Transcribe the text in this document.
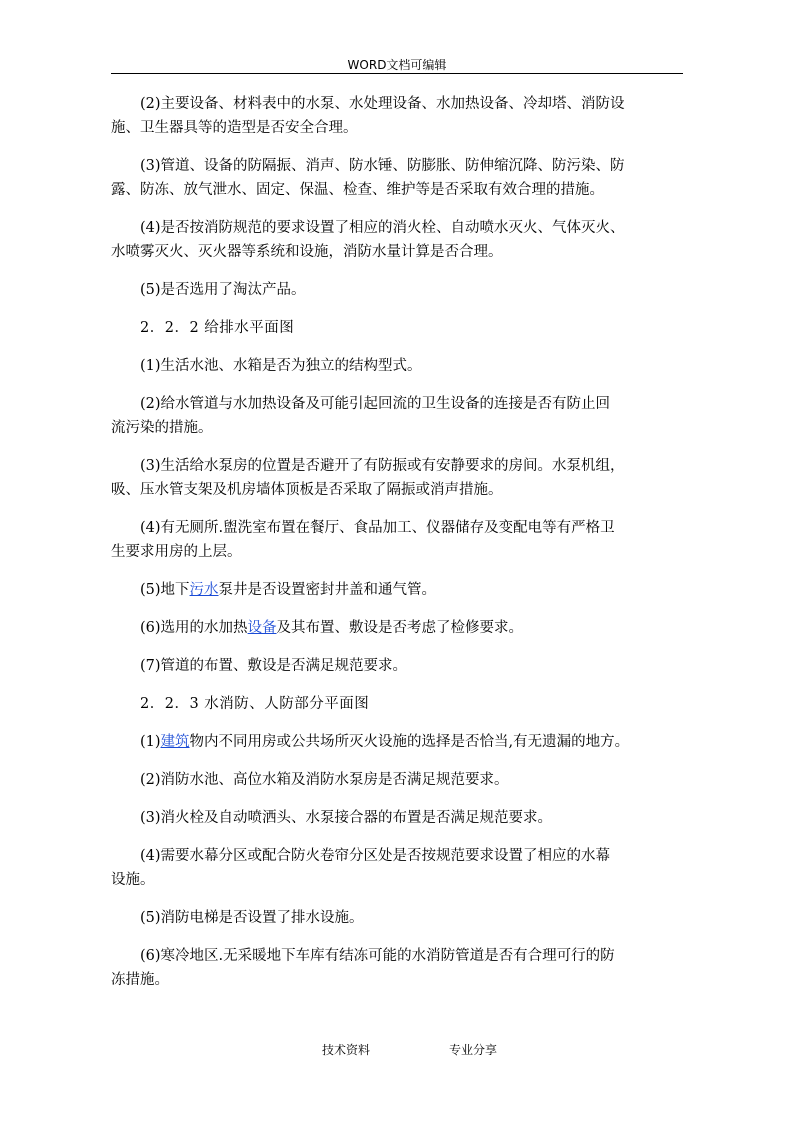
WORD文档可编辑

(2)主要设备、材料表中的水泵、水处理设备、水加热设备、冷却塔、消防设
施、卫生器具等的造型是否安全合理。

(3)管道、设备的防隔振、消声、防水锤、防膨胀、防伸缩沉降、防污染、防
露、防冻、放气泄水、固定、保温、检查、维护等是否采取有效合理的措施。

(4)是否按消防规范的要求设置了相应的消火栓、自动喷水灭火、气体灭火、
水喷雾灭火、灭火器等系统和设施，消防水量计算是否合理。

(5)是否选用了淘汰产品。

2．2．2 给排水平面图

(1)生活水池、水箱是否为独立的结构型式。

(2)给水管道与水加热设备及可能引起回流的卫生设备的连接是否有防止回
流污染的措施。

(3)生活给水泵房的位置是否避开了有防振或有安静要求的房间。水泵机组，
吸、压水管支架及机房墙体顶板是否采取了隔振或消声措施。

(4)有无厕所.盥洗室布置在餐厅、食品加工、仪器储存及变配电等有严格卫
生要求用房的上层。

(5)地下污水泵井是否设置密封井盖和通气管。

(6)选用的水加热设备及其布置、敷设是否考虑了检修要求。

(7)管道的布置、敷设是否满足规范要求。

2．2．3 水消防、人防部分平面图

(1)建筑物内不同用房或公共场所灭火设施的选择是否恰当,有无遗漏的地方。

(2)消防水池、高位水箱及消防水泵房是否满足规范要求。

(3)消火栓及自动喷洒头、水泵接合器的布置是否满足规范要求。

(4)需要水幕分区或配合防火卷帘分区处是否按规范要求设置了相应的水幕
设施。

(5)消防电梯是否设置了排水设施。

(6)寒冷地区.无采暖地下车库有结冻可能的水消防管道是否有合理可行的防
冻措施。

技术资料	专业分享
